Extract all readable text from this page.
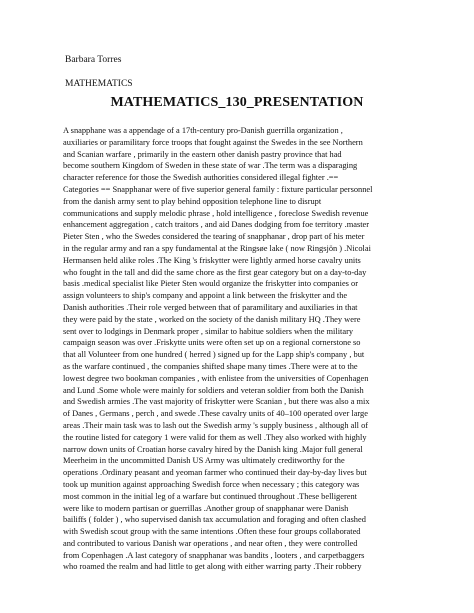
Barbara Torres
MATHEMATICS
MATHEMATICS_130_PRESENTATION
A snapphane was a appendage of a 17th-century pro-Danish guerrilla organization ,
auxiliaries or paramilitary force troops that fought against the Swedes in the see Northern
and Scanian warfare , primarily in the eastern other danish pastry province that had
become southern Kingdom of Sweden in these state of war .The term was a disparaging
character reference for those the Swedish authorities considered illegal fighter .==
Categories == Snapphanar were of five superior general family : fixture particular personnel
from the danish army sent to play behind opposition telephone line to disrupt
communications and supply melodic phrase , hold intelligence , foreclose Swedish revenue
enhancement aggregation , catch traitors , and aid Danes dodging from foe territory .master
Pieter Sten , who the Swedes considered the tearing of snapphanar , drop part of his meter
in the regular army and ran a spy fundamental at the Ringsøe lake ( now Ringsjön ) .Nicolai
Hermansen held alike roles .The King 's friskytter were lightly armed horse cavalry units
who fought in the tall and did the same chore as the first gear category but on a day-to-day
basis .medical specialist like Pieter Sten would organize the friskytter into companies or
assign volunteers to ship's company and appoint a link between the friskytter and the
Danish authorities .Their role verged between that of paramilitary and auxiliaries in that
they were paid by the state , worked on the society of the danish military HQ .They were
sent over to lodgings in Denmark proper , similar to habitue soldiers when the military
campaign season was over .Friskytte units were often set up on a regional cornerstone so
that all Volunteer from one hundred ( herred ) signed up for the Lapp ship's company , but
as the warfare continued , the companies shifted shape many times .There were at to the
lowest degree two bookman companies , with enlistee from the universities of Copenhagen
and Lund .Some whole were mainly for soldiers and veteran soldier from both the Danish
and Swedish armies .The vast majority of friskytter were Scanian , but there was also a mix
of Danes , Germans , perch , and swede .These cavalry units of 40–100 operated over large
areas .Their main task was to lash out the Swedish army 's supply business , although all of
the routine listed for category 1 were valid for them as well .They also worked with highly
narrow down units of Croatian horse cavalry hired by the Danish king .Major full general
Meerheim in the uncommitted Danish US Army was ultimately creditworthy for the
operations .Ordinary peasant and yeoman farmer who continued their day-by-day lives but
took up munition against approaching Swedish force when necessary ; this category was
most common in the initial leg of a warfare but continued throughout .These belligerent
were like to modern partisan or guerrillas .Another group of snapphanar were Danish
bailiffs ( folder ) , who supervised danish tax accumulation and foraging and often clashed
with Swedish scout group with the same intentions .Often these four groups collaborated
and contributed to various Danish war operations , and near often , they were controlled
from Copenhagen .A last category of snapphanar was bandits , looters , and carpetbaggers
who roamed the realm and had little to get along with either warring party .Their robbery
